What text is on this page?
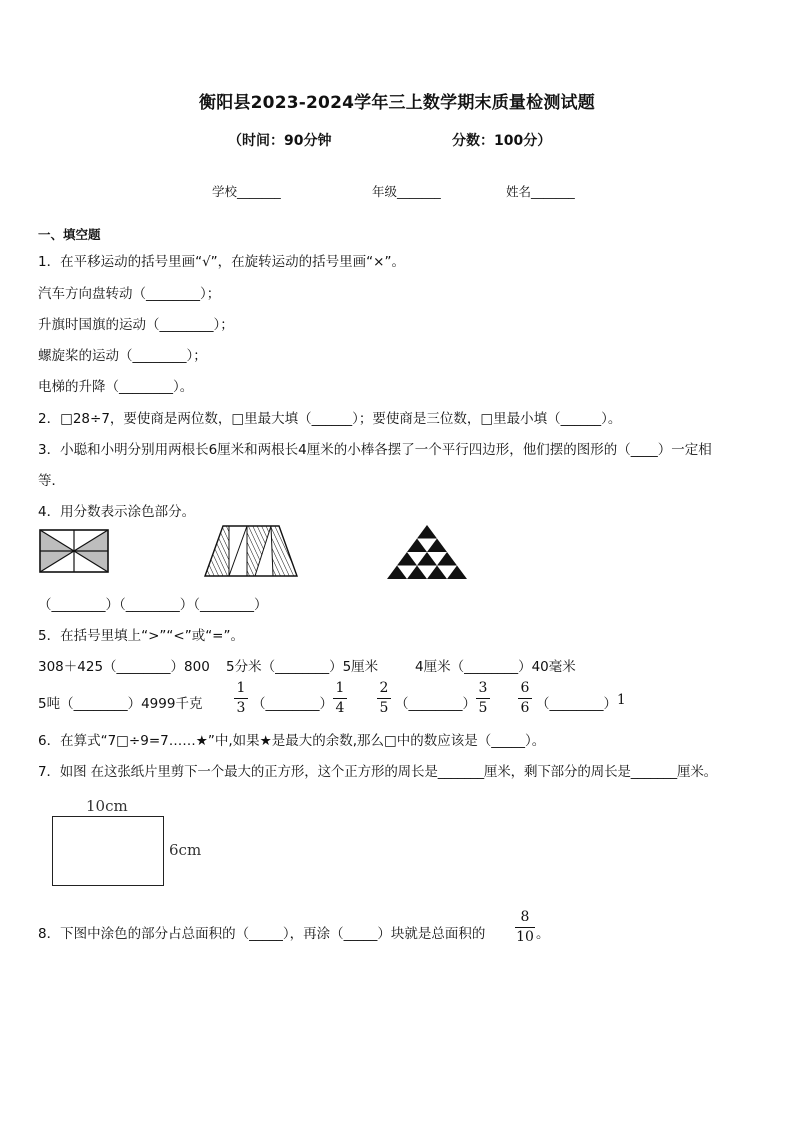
衡阳县2023-2024学年三上数学期末质量检测试题
（时间：90分钟	分数：100分）
学校_______	年级_______	姓名_______
一、填空题
1．在平移运动的括号里画“√”，在旋转运动的括号里画“×”。
汽车方向盘转动（________）；
升旗时国旗的运动（________）；
螺旋桨的运动（________）；
电梯的升降（________）。
2．□28÷7，要使商是两位数，□里最大填（______）；要使商是三位数，□里最小填（______）。
3．小聪和小明分别用两根长6厘米和两根长4厘米的小棒各摆了一个平行四边形，他们摆的图形的（____）一定相
等．
4．用分数表示涂色部分。
（________）（________）（________）
5．在括号里填上“>”“<”或“=”。
308＋425（________）800 5分米（________）5厘米	4厘米（________）40毫米
5吨（________）4999千克
1
3 （________）
1
4
2
5 （________）
3
5
6
6 （________） 1
6．在算式“7□÷9=7……★”中,如果★是最大的余数,那么□中的数应该是（_____）。
7．如图 在这张纸片里剪下一个最大的正方形，这个正方形的周长是_______厘米，剩下部分的周长是_______厘米。
10cm
6cm
8．下图中涂色的部分占总面积的（_____），再涂（_____）块就是总面积的
8
10 。
